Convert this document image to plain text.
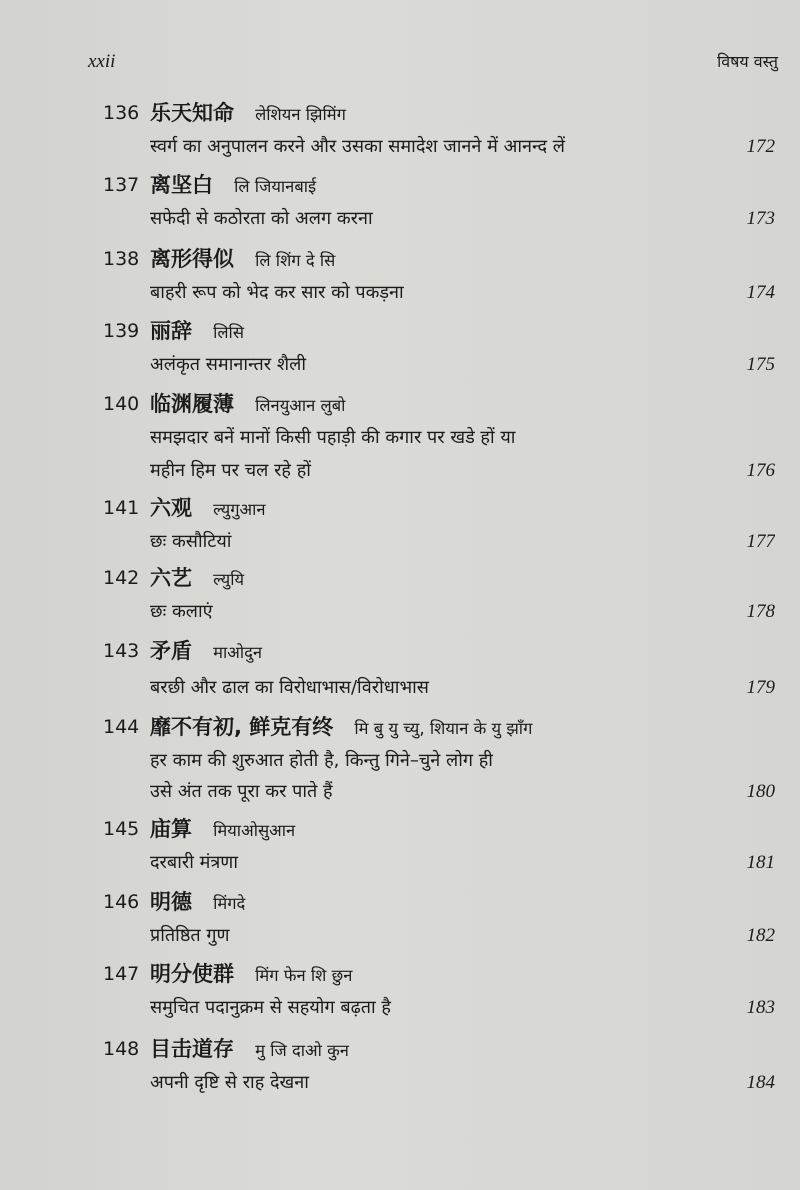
xxii	विषय वस्तु
136 乐天知命 लेशियन झिमिंग
स्वर्ग का अनुपालन करने और उसका समादेश जानने में आनन्द लें	172
137 离坚白 लि जियानबाई
सफेदी से कठोरता को अलग करना	173
138 离形得似 लि शिंग दे सि
बाहरी रूप को भेद कर सार को पकड़ना	174
139 丽辞 लिसि
अलंकृत समानान्तर शैली	175
140 临渊履薄 लिनयुआन लुबो
समझदार बनें मानों किसी पहाड़ी की कगार पर खडे हों या
महीन हिम पर चल रहे हों	176
141 六观 ल्युगुआन
छः कसौटियां	177
142 六艺 ल्युयि
छः कलाएं	178
143 矛盾 माओदुन
बरछी और ढाल का विरोधाभास/विरोधाभास	179
144 靡不有初, 鲜克有终 मि बु यु च्यु, शियान के यु झॉंग
हर काम की शुरुआत होती है, किन्तु गिने–चुने लोग ही
उसे अंत तक पूरा कर पाते हैं	180
145 庙算 मियाओसुआन
दरबारी मंत्रणा	181
146 明德 मिंगदे
प्रतिष्ठित गुण	182
147 明分使群 मिंग फेन शि छुन
समुचित पदानुक्रम से सहयोग बढ़ता है	183
148 目击道存 मु जि दाओ कुन
अपनी दृष्टि से राह देखना	184
